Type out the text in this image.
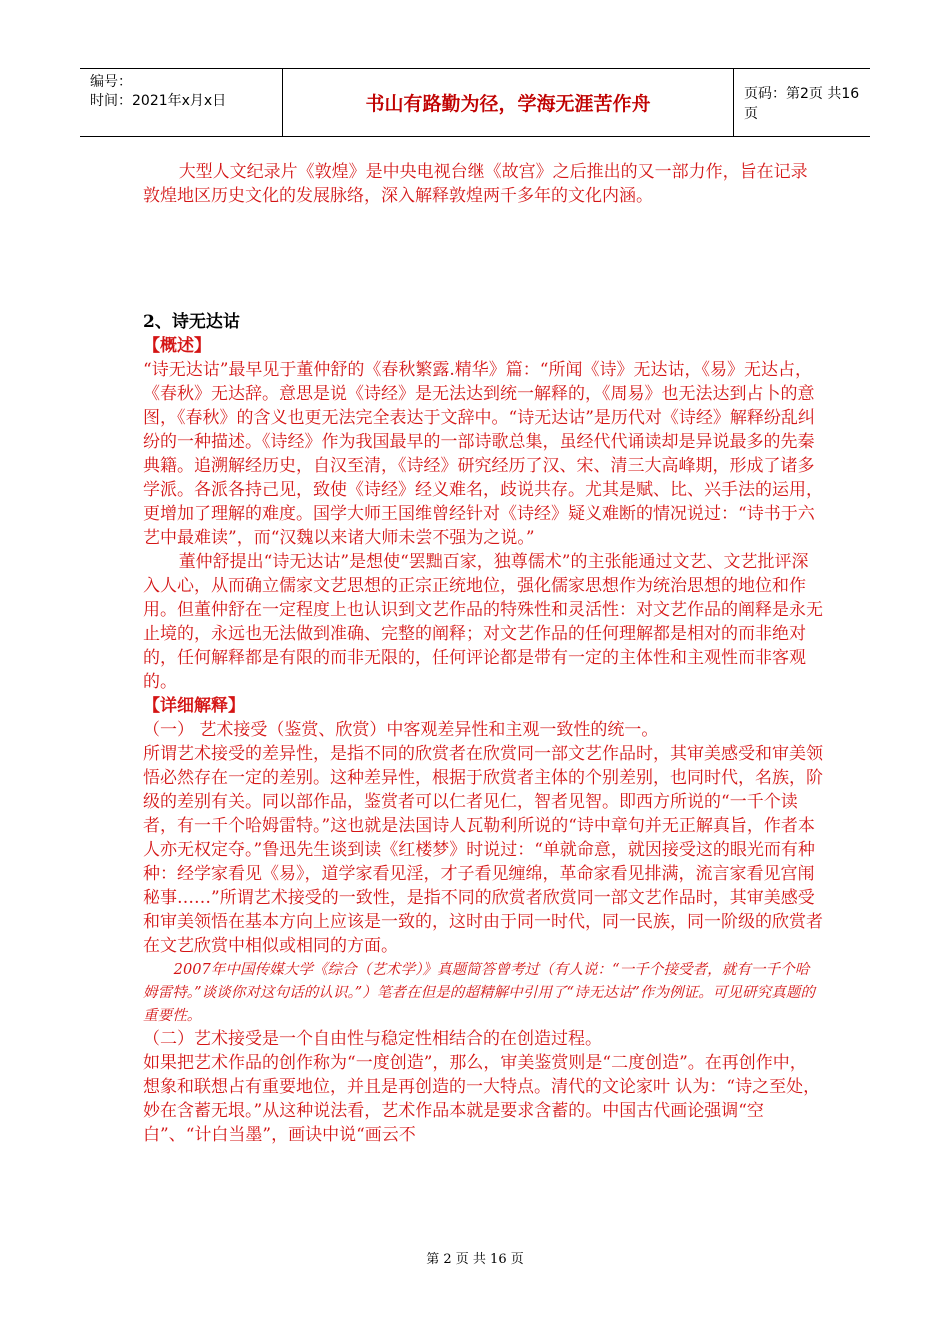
编号：
时间：2021年x月x日	书山有路勤为径，学海无涯苦作舟	页码：第2页 共16页

大型人文纪录片《敦煌》是中央电视台继《故宫》之后推出的又一部力作，旨在记录敦煌地区历史文化的发展脉络，深入解释敦煌两千多年的文化内涵。

2、诗无达诂

【概述】

“诗无达诂”最早见于董仲舒的《春秋繁露.精华》篇：“所闻《诗》无达诂，《易》无达占，《春秋》无达辞。意思是说《诗经》是无法达到统一解释的，《周易》也无法达到占卜的意图，《春秋》的含义也更无法完全表达于文辞中。“诗无达诂”是历代对《诗经》解释纷乱纠纷的一种描述。《诗经》作为我国最早的一部诗歌总集，虽经代代诵读却是异说最多的先秦典籍。追溯解经历史，自汉至清，《诗经》研究经历了汉、宋、清三大高峰期，形成了诸多学派。各派各持己见，致使《诗经》经义难名，歧说共存。尤其是赋、比、兴手法的运用，更增加了理解的难度。国学大师王国维曾经针对《诗经》疑义难断的情况说过：“诗书于六艺中最难读”，而“汉魏以来诸大师未尝不强为之说。”

董仲舒提出“诗无达诂”是想使“罢黜百家，独尊儒术”的主张能通过文艺、文艺批评深入人心，从而确立儒家文艺思想的正宗正统地位，强化儒家思想作为统治思想的地位和作用。但董仲舒在一定程度上也认识到文艺作品的特殊性和灵活性：对文艺作品的阐释是永无止境的，永远也无法做到准确、完整的阐释；对文艺作品的任何理解都是相对的而非绝对的，任何解释都是有限的而非无限的，任何评论都是带有一定的主体性和主观性而非客观的。

【详细解释】

（一） 艺术接受（鉴赏、欣赏）中客观差异性和主观一致性的统一。

所谓艺术接受的差异性，是指不同的欣赏者在欣赏同一部文艺作品时，其审美感受和审美领悟必然存在一定的差别。这种差异性，根据于欣赏者主体的个别差别，也同时代，名族，阶级的差别有关。同以部作品，鉴赏者可以仁者见仁，智者见智。即西方所说的“一千个读者，有一千个哈姆雷特。”这也就是法国诗人瓦勒利所说的“诗中章句并无正解真旨，作者本人亦无权定夺。”鲁迅先生谈到读《红楼梦》时说过：“单就命意，就因接受这的眼光而有种种：经学家看见《易》，道学家看见淫，才子看见缠绵，革命家看见排满，流言家看见宫闱秘事……”所谓艺术接受的一致性，是指不同的欣赏者欣赏同一部文艺作品时，其审美感受和审美领悟在基本方向上应该是一致的，这时由于同一时代，同一民族，同一阶级的欣赏者在文艺欣赏中相似或相同的方面。

2007年中国传媒大学《综合（艺术学）》真题简答曾考过（有人说：“一千个接受者，就有一千个哈姆雷特。”谈谈你对这句话的认识。”）笔者在但是的超精解中引用了“诗无达诂”作为例证。可见研究真题的重要性。

（二）艺术接受是一个自由性与稳定性相结合的在创造过程。

如果把艺术作品的创作称为“一度创造”，那么，审美鉴赏则是“二度创造”。在再创作中，想象和联想占有重要地位，并且是再创造的一大特点。清代的文论家叶 认为：“诗之至处，妙在含蓄无垠。”从这种说法看，艺术作品本就是要求含蓄的。中国古代画论强调“空白”、“计白当墨”，画诀中说“画云不

第 2 页 共 16 页
